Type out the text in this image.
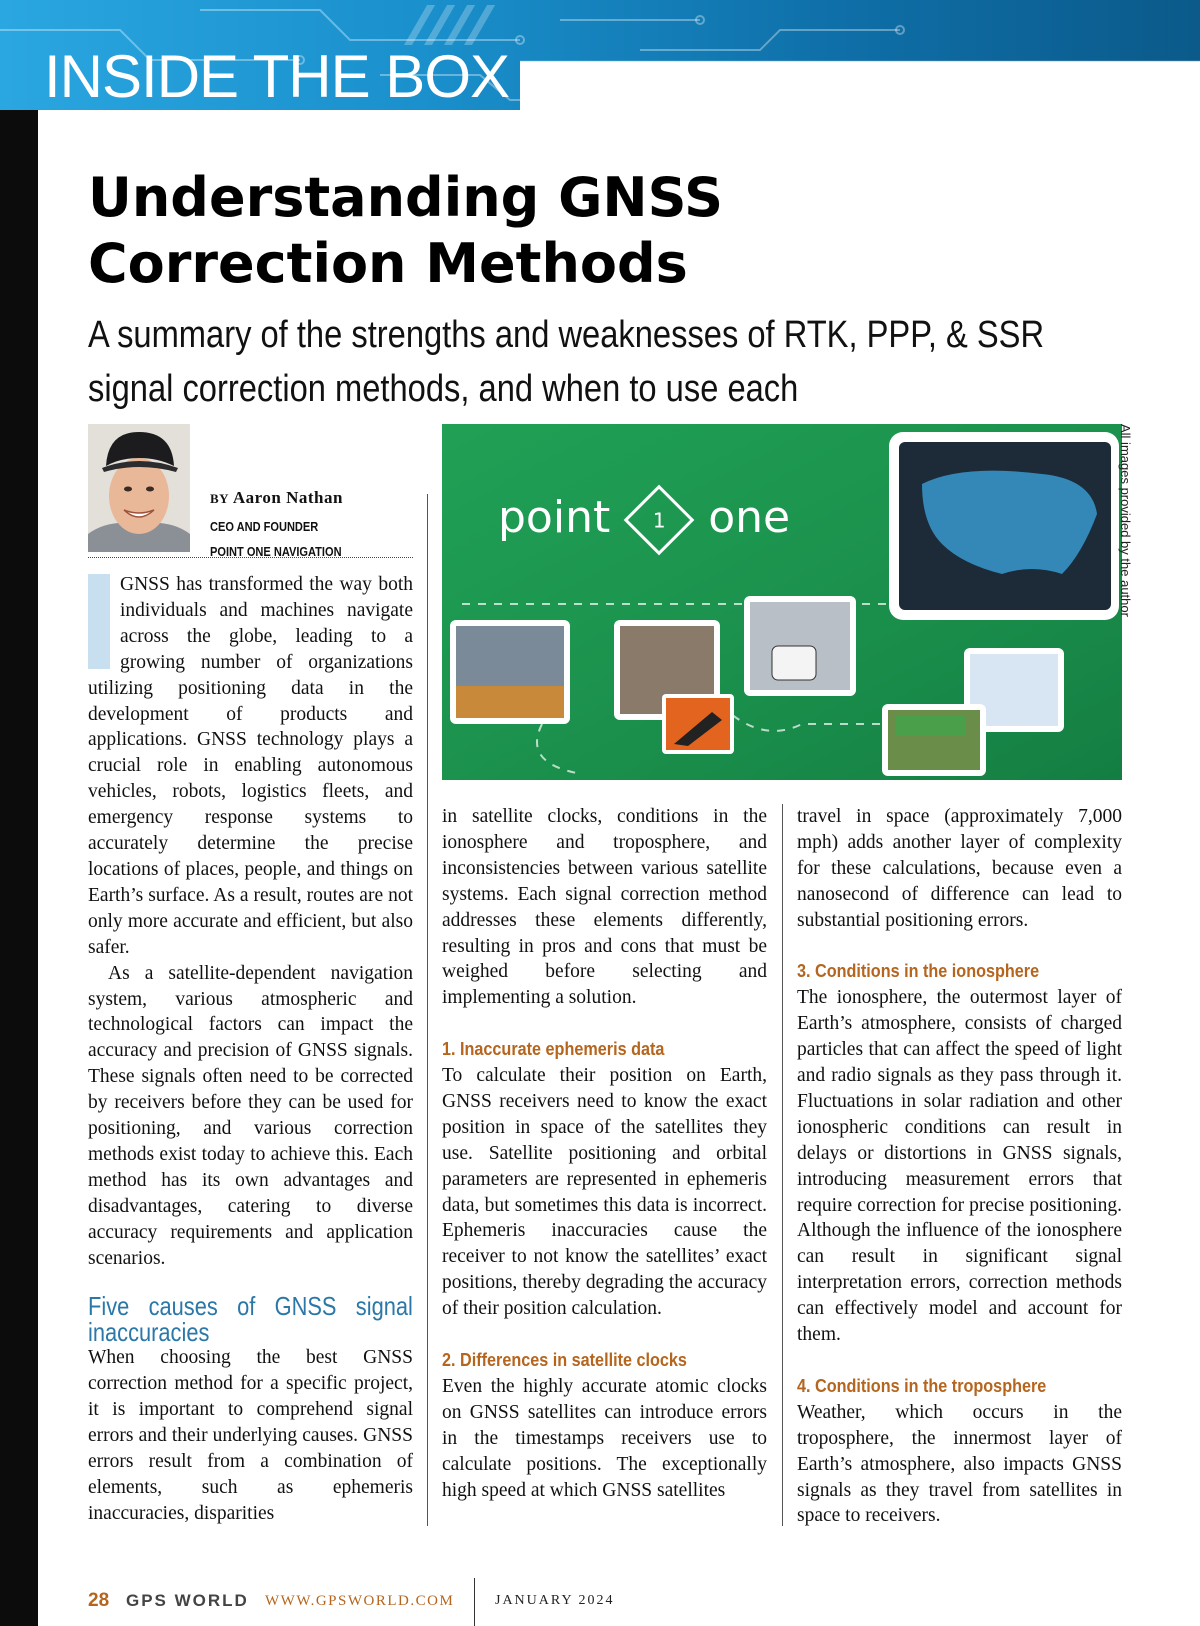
INSIDE THE BOX
Understanding GNSS
Correction Methods
A summary of the strengths and weaknesses of RTK, PPP, & SSR
signal correction methods, and when to use each
BY Aaron Nathan
CEO AND FOUNDER
POINT ONE NAVIGATION
point 1 one	All images provided by the author

GNSS has transformed the way both individuals and machines navigate across the globe, leading to a growing number of organizations utilizing positioning data in the development of products and applications. GNSS technology plays a crucial role in enabling autonomous vehicles, robots, logistics fleets, and emergency response systems to accurately determine the precise locations of places, people, and things on Earth’s surface. As a result, routes are not only more accurate and efficient, but also safer.

As a satellite-dependent navigation system, various atmospheric and technological factors can impact the accuracy and precision of GNSS signals. These signals often need to be corrected by receivers before they can be used for positioning, and various correction methods exist today to achieve this. Each method has its own advantages and disadvantages, catering to diverse accuracy requirements and application scenarios.

Five causes of GNSS signal inaccuracies

When choosing the best GNSS correction method for a specific project, it is important to comprehend signal errors and their underlying causes. GNSS errors result from a combination of elements, such as ephemeris inaccuracies, disparities

in satellite clocks, conditions in the ionosphere and troposphere, and inconsistencies between various satellite systems. Each signal correction method addresses these elements differently, resulting in pros and cons that must be weighed before selecting and implementing a solution.

1. Inaccurate ephemeris data

To calculate their position on Earth, GNSS receivers need to know the exact position in space of the satellites they use. Satellite positioning and orbital parameters are represented in ephemeris data, but sometimes this data is incorrect. Ephemeris inaccuracies cause the receiver to not know the satellites’ exact positions, thereby degrading the accuracy of their position calculation.

2. Differences in satellite clocks

Even the highly accurate atomic clocks on GNSS satellites can introduce errors in the timestamps receivers use to calculate positions. The exceptionally high speed at which GNSS satellites

travel in space (approximately 7,000 mph) adds another layer of complexity for these calculations, because even a nanosecond of difference can lead to substantial positioning errors.

3. Conditions in the ionosphere

The ionosphere, the outermost layer of Earth’s atmosphere, consists of charged particles that can affect the speed of light and radio signals as they pass through it. Fluctuations in solar radiation and other ionospheric conditions can result in delays or distortions in GNSS signals, introducing measurement errors that require correction for precise positioning. Although the influence of the ionosphere can result in significant signal interpretation errors, correction methods can effectively model and account for them.

4. Conditions in the troposphere

Weather, which occurs in the troposphere, the innermost layer of Earth’s atmosphere, also impacts GNSS signals as they travel from satellites in space to receivers.

28 GPS WORLD WWW.GPSWORLD.COM	JANUARY 2024
